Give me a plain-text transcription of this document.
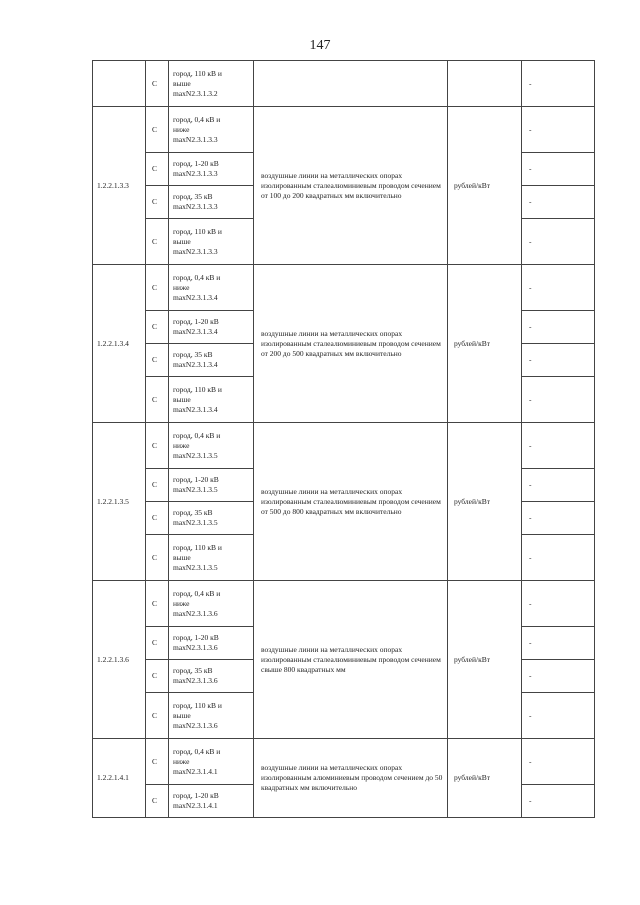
147
	С	город, 110 кВ и
выше
maxN2.3.1.3.2			-
1.2.2.1.3.3	С	город, 0,4 кВ и
ниже
maxN2.3.1.3.3	воздушные линии на металлических опорах изолированным сталеалюминиевым проводом сечением от 100 до 200 квадратных мм включительно	рублей/кВт	-
	С	город, 1-20 кВ
maxN2.3.1.3.3			-
	С	город, 35 кВ
maxN2.3.1.3.3			-
	С	город, 110 кВ и
выше
maxN2.3.1.3.3			-
1.2.2.1.3.4	С	город, 0,4 кВ и
ниже
maxN2.3.1.3.4	воздушные линии на металлических опорах изолированным сталеалюминиевым проводом сечением от 200 до 500 квадратных мм включительно	рублей/кВт	-
	С	город, 1-20 кВ
maxN2.3.1.3.4			-
	С	город, 35 кВ
maxN2.3.1.3.4			-
	С	город, 110 кВ и
выше
maxN2.3.1.3.4			-
1.2.2.1.3.5	С	город, 0,4 кВ и
ниже
maxN2.3.1.3.5	воздушные линии на металлических опорах изолированным сталеалюминиевым проводом сечением от 500 до 800 квадратных мм включительно	рублей/кВт	-
	С	город, 1-20 кВ
maxN2.3.1.3.5			-
	С	город, 35 кВ
maxN2.3.1.3.5			-
	С	город, 110 кВ и
выше
maxN2.3.1.3.5			-
1.2.2.1.3.6	С	город, 0,4 кВ и
ниже
maxN2.3.1.3.6	воздушные линии на металлических опорах изолированным сталеалюминиевым проводом сечением свыше 800 квадратных мм	рублей/кВт	-
	С	город, 1-20 кВ
maxN2.3.1.3.6			-
	С	город, 35 кВ
maxN2.3.1.3.6			-
	С	город, 110 кВ и
выше
maxN2.3.1.3.6			-
1.2.2.1.4.1	С	город, 0,4 кВ и
ниже
maxN2.3.1.4.1	воздушные линии на металлических опорах изолированным алюминиевым проводом сечением до 50 квадратных мм включительно	рублей/кВт	-
	С	город, 1-20 кВ
maxN2.3.1.4.1			-
